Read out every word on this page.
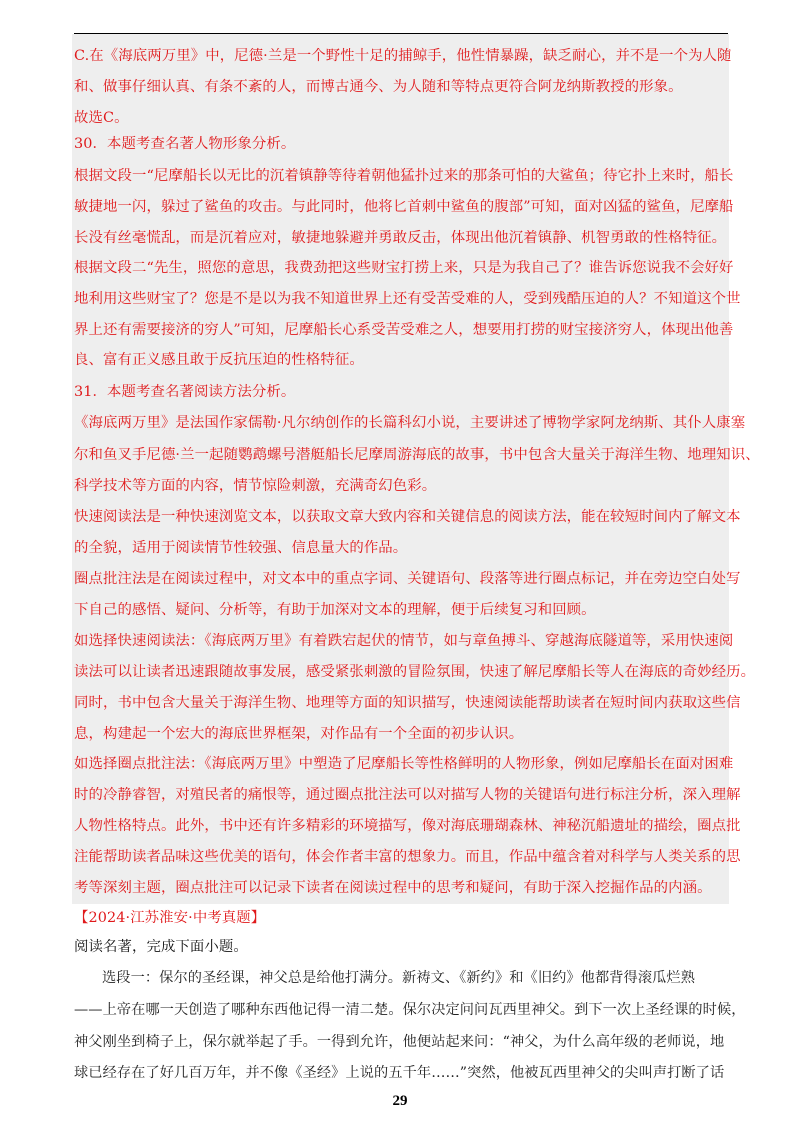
C.在《海底两万里》中，尼德·兰是一个野性十足的捕鲸手，他性情暴躁，缺乏耐心，并不是一个为人随
和、做事仔细认真、有条不紊的人，而博古通今、为人随和等特点更符合阿龙纳斯教授的形象。
故选C。
30．本题考查名著人物形象分析。
根据文段一“尼摩船长以无比的沉着镇静等待着朝他猛扑过来的那条可怕的大鲨鱼；待它扑上来时，船长
敏捷地一闪，躲过了鲨鱼的攻击。与此同时，他将匕首刺中鲨鱼的腹部”可知，面对凶猛的鲨鱼，尼摩船
长没有丝毫慌乱，而是沉着应对，敏捷地躲避并勇敢反击，体现出他沉着镇静、机智勇敢的性格特征。
根据文段二“先生，照您的意思，我费劲把这些财宝打捞上来，只是为我自己了？谁告诉您说我不会好好
地利用这些财宝了？您是不是以为我不知道世界上还有受苦受难的人，受到残酷压迫的人？不知道这个世
界上还有需要接济的穷人”可知，尼摩船长心系受苦受难之人，想要用打捞的财宝接济穷人，体现出他善
良、富有正义感且敢于反抗压迫的性格特征。
31．本题考查名著阅读方法分析。
《海底两万里》是法国作家儒勒·凡尔纳创作的长篇科幻小说，主要讲述了博物学家阿龙纳斯、其仆人康塞
尔和鱼叉手尼德·兰一起随鹦鹉螺号潜艇船长尼摩周游海底的故事，书中包含大量关于海洋生物、地理知识、
科学技术等方面的内容，情节惊险刺激，充满奇幻色彩。
快速阅读法是一种快速浏览文本，以获取文章大致内容和关键信息的阅读方法，能在较短时间内了解文本
的全貌，适用于阅读情节性较强、信息量大的作品。
圈点批注法是在阅读过程中，对文本中的重点字词、关键语句、段落等进行圈点标记，并在旁边空白处写
下自己的感悟、疑问、分析等，有助于加深对文本的理解，便于后续复习和回顾。
如选择快速阅读法：《海底两万里》有着跌宕起伏的情节，如与章鱼搏斗、穿越海底隧道等，采用快速阅
读法可以让读者迅速跟随故事发展，感受紧张刺激的冒险氛围，快速了解尼摩船长等人在海底的奇妙经历。
同时，书中包含大量关于海洋生物、地理等方面的知识描写，快速阅读能帮助读者在短时间内获取这些信
息，构建起一个宏大的海底世界框架，对作品有一个全面的初步认识。
如选择圈点批注法：《海底两万里》中塑造了尼摩船长等性格鲜明的人物形象，例如尼摩船长在面对困难
时的冷静睿智，对殖民者的痛恨等，通过圈点批注法可以对描写人物的关键语句进行标注分析，深入理解
人物性格特点。此外，书中还有许多精彩的环境描写，像对海底珊瑚森林、神秘沉船遗址的描绘，圈点批
注能帮助读者品味这些优美的语句，体会作者丰富的想象力。而且，作品中蕴含着对科学与人类关系的思
考等深刻主题，圈点批注可以记录下读者在阅读过程中的思考和疑问，有助于深入挖掘作品的内涵。
【2024·江苏淮安·中考真题】
阅读名著，完成下面小题。
选段一：保尔的圣经课，神父总是给他打满分。新祷文、《新约》和《旧约》他都背得滚瓜烂熟
——上帝在哪一天创造了哪种东西他记得一清二楚。保尔决定问问瓦西里神父。到下一次上圣经课的时候，
神父刚坐到椅子上，保尔就举起了手。一得到允许，他便站起来问：“神父，为什么高年级的老师说，地
球已经存在了好几百万年，并不像《圣经》上说的五千年……”突然，他被瓦西里神父的尖叫声打断了话
29
